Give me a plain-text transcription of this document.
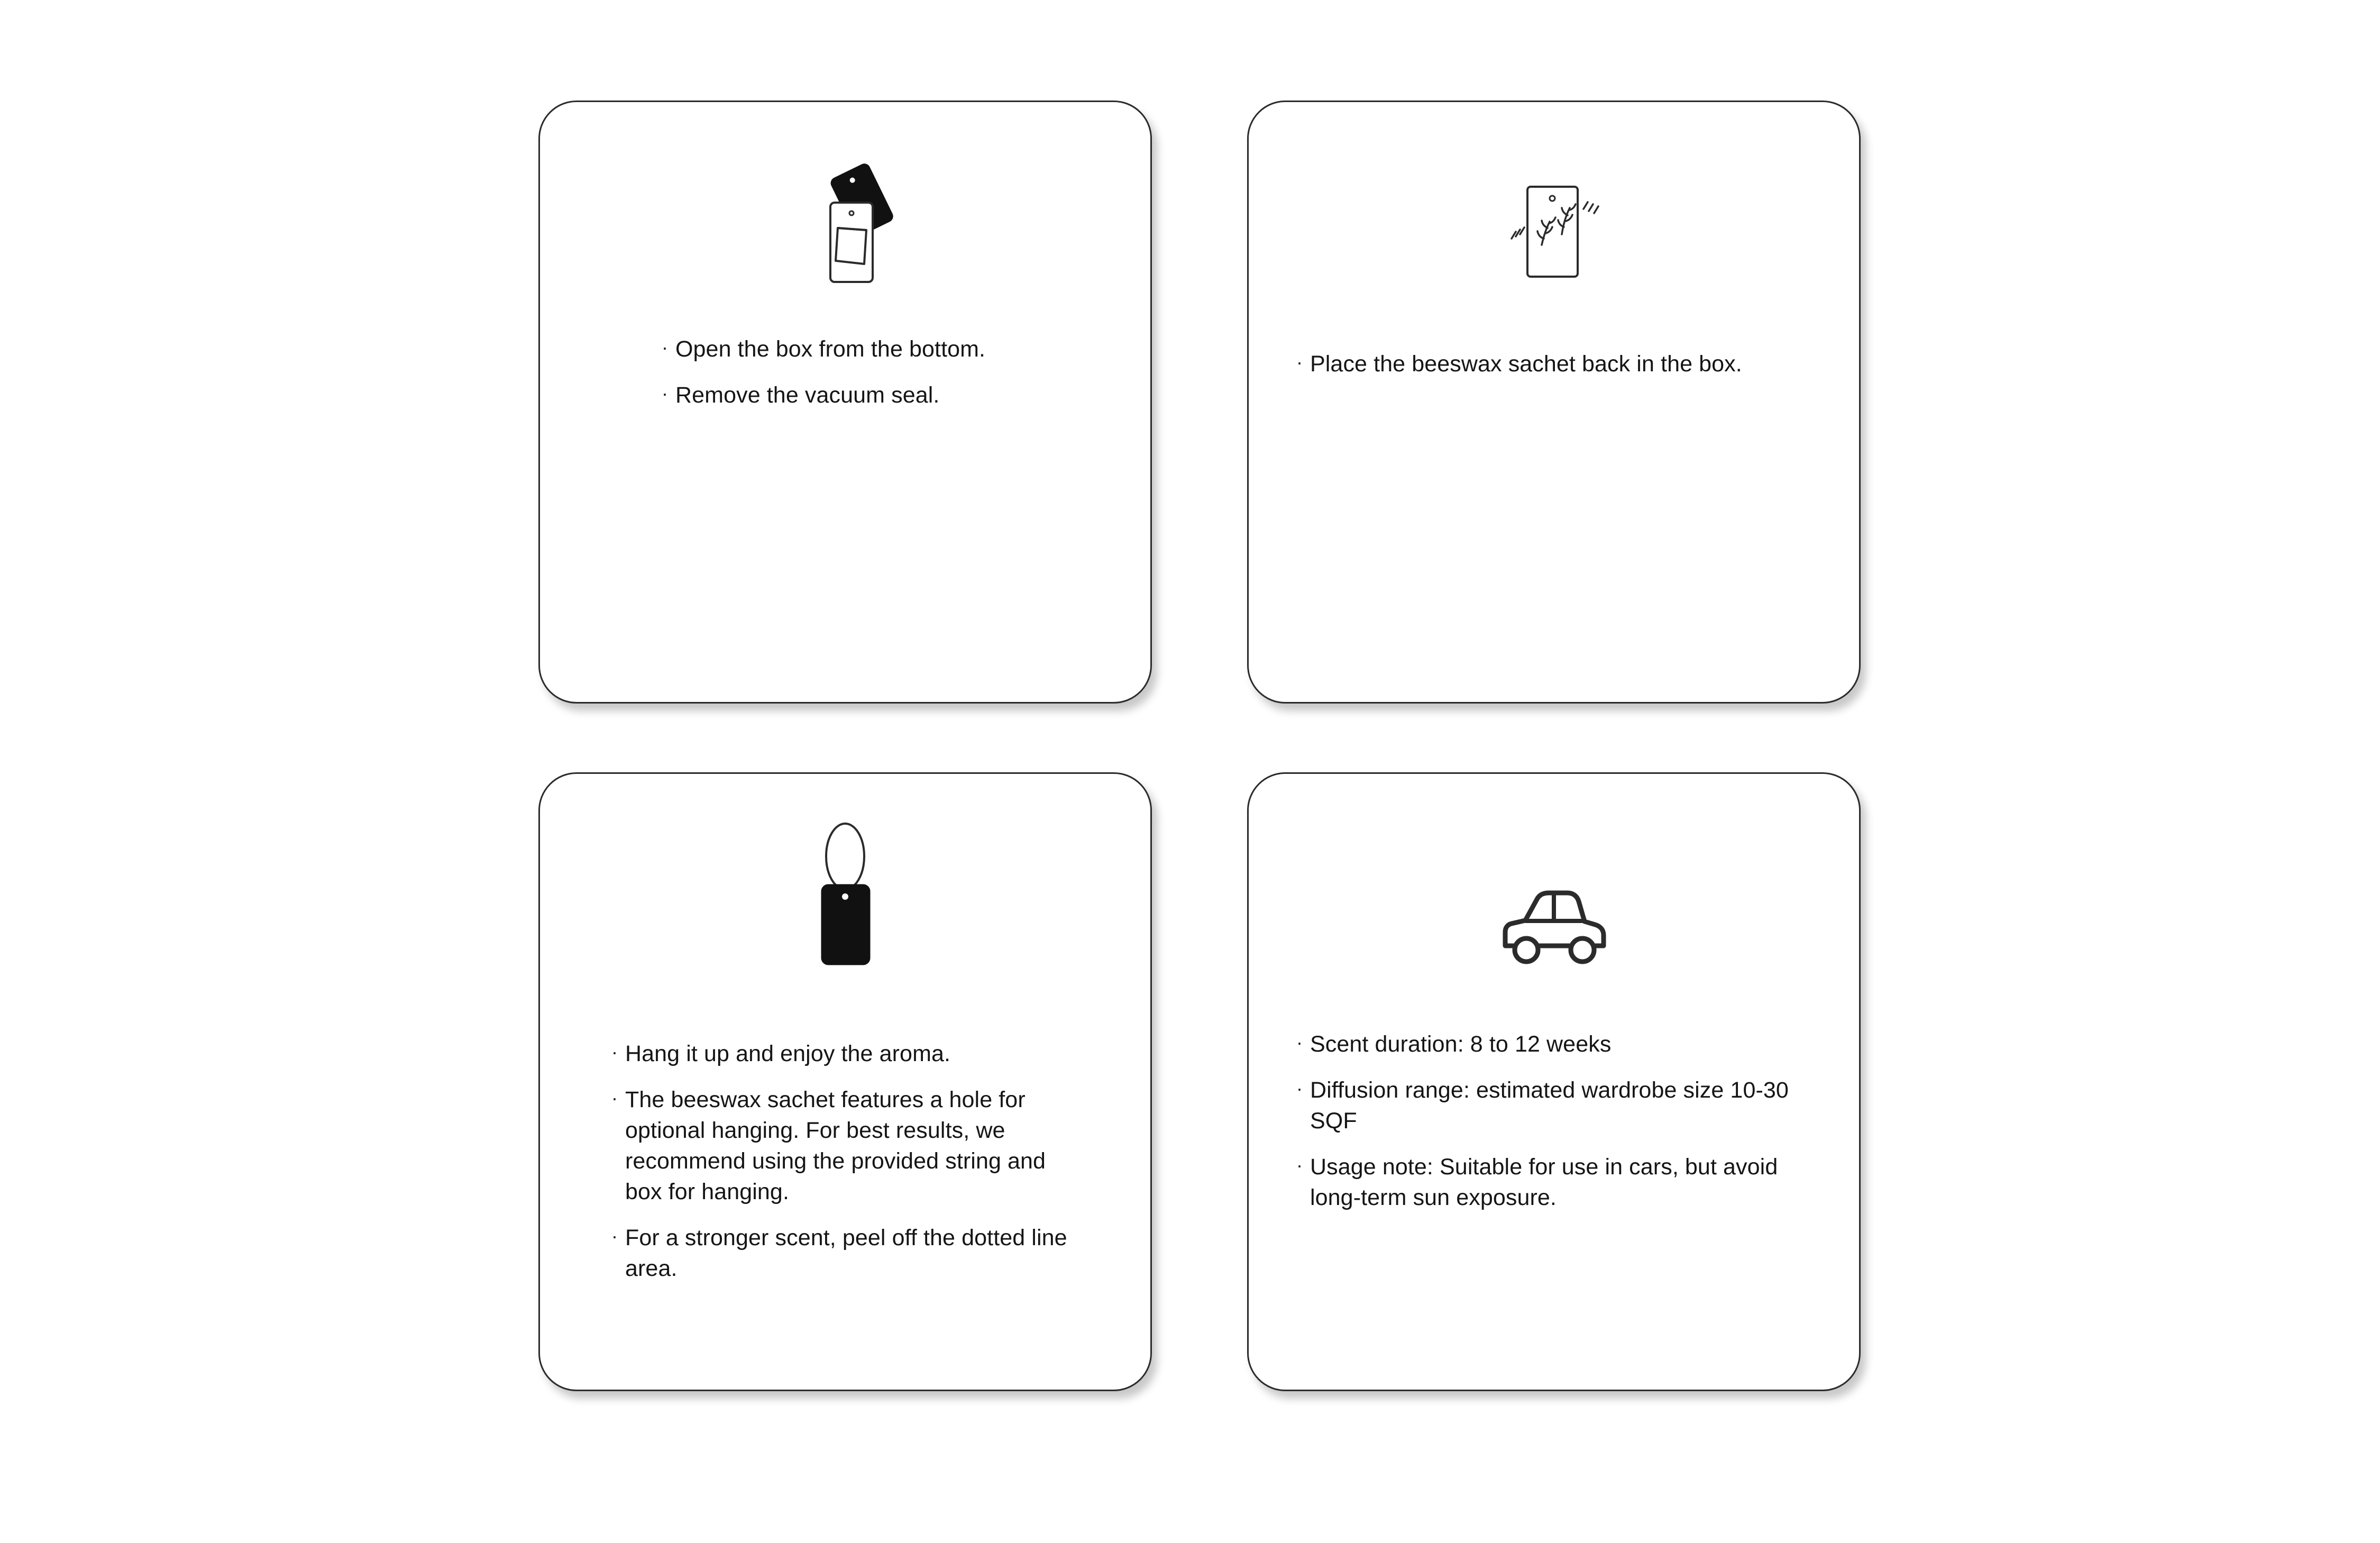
· Open the box from the bottom.
· Remove the vacuum seal.
· Place the beeswax sachet back in the box.
· Hang it up and enjoy the aroma.
· The beeswax sachet features a hole for optional hanging. For best results, we recommend using the provided string and box for hanging.
· For a stronger scent, peel off the dotted line area.
· Scent duration: 8 to 12 weeks
· Diffusion range: estimated wardrobe size 10-30 SQF
· Usage note: Suitable for use in cars, but avoid long-term sun exposure.
